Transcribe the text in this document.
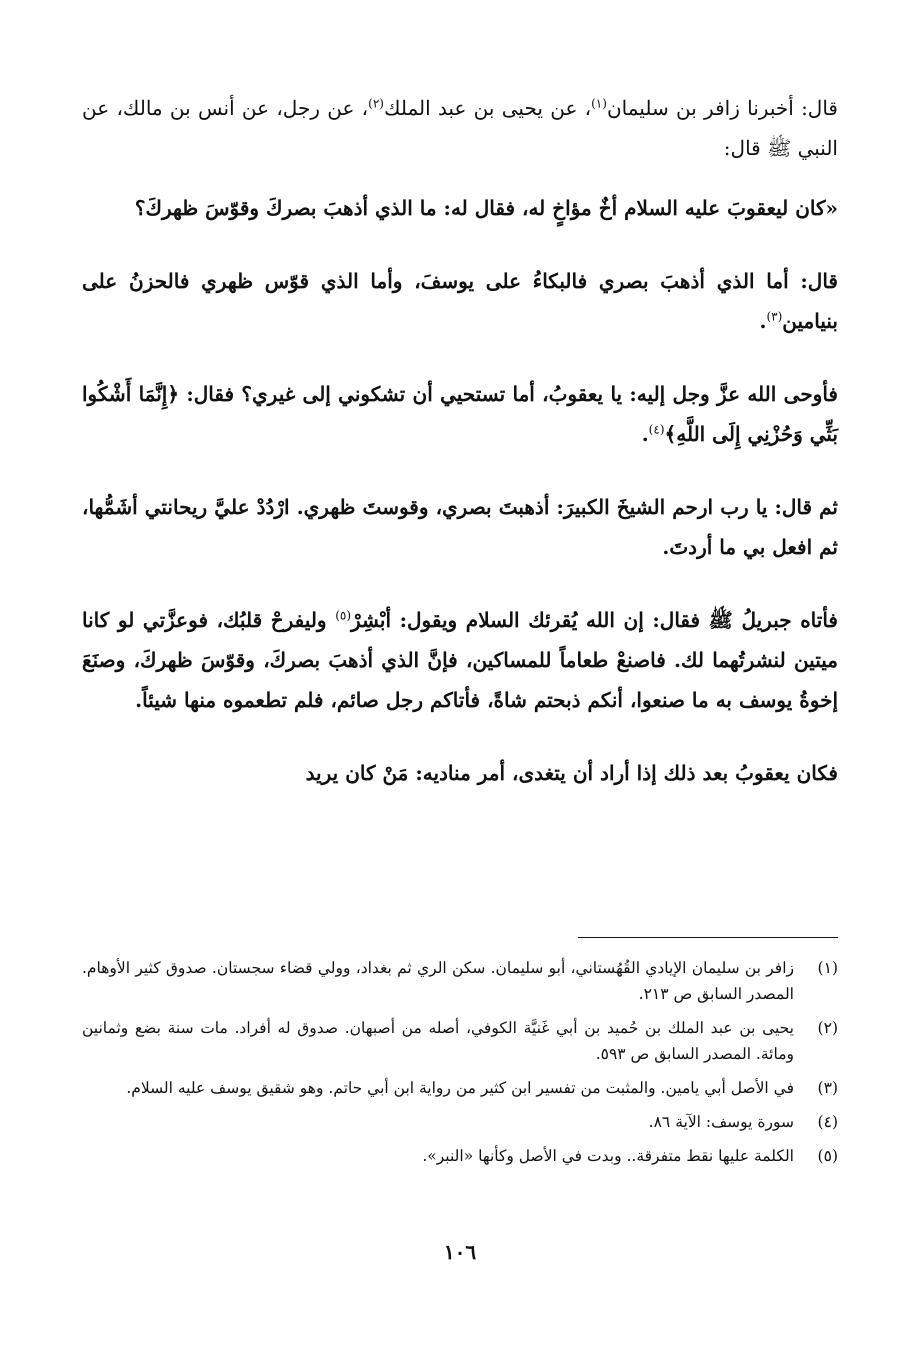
قال: أخبرنا زافر بن سليمان$^{(١)}$، عن يحيى بن عبد الملك$^{(٢)}$، عن رجل، عن أنس بن مالك، عن النبي ﷺ قال:

«كان ليعقوبَ عليه السلام أخٌ مؤاخٍ له، فقال له: ما الذي أذهبَ بصركَ وقوّسَ ظهركَ؟

قال: أما الذي أذهبَ بصري فالبكاءُ على يوسفَ، وأما الذي قوّس ظهري فالحزنُ على بنيامين$^{(٣)}$.

فأوحى الله عزَّ وجل إليه: يا يعقوبُ، أما تستحيي أن تشكوني إلى غيري؟ فقال: ﴿إِنَّمَا أَشْكُوا بَثِّي وَحُزْنِي إِلَى اللَّهِ﴾$^{(٤)}$.

ثم قال: يا رب ارحم الشيخَ الكبيرَ: أذهبتَ بصري، وقوستَ ظهري. ارْدُدْ عليَّ ريحانتي أشَمُّها، ثم افعل بي ما أردتَ.

فأتاه جبريلُ ﷺ فقال: إن الله يُقرئك السلام ويقول: أبْشِرْ$^{(٥)}$ وليفرحْ قلبُك، فوعزَّتي لو كانا ميتين لنشرتُهما لك. فاصنعْ طعاماً للمساكين، فإنَّ الذي أذهبَ بصركَ، وقوّسَ ظهركَ، وصنَعَ إخوةُ يوسف به ما صنعوا، أنكم ذبحتم شاةً، فأتاكم رجل صائم، فلم تطعموه منها شيئاً.

فكان يعقوبُ بعد ذلك إذا أراد أن يتغدى، أمر مناديه: مَنْ كان يريد

(١)
زافر بن سليمان الإيادي القُهُستاني، أبو سليمان. سكن الري ثم بغداد، وولي قضاء سجستان. صدوق كثير الأوهام. المصدر السابق ص ٢١٣.
(٢)
يحيى بن عبد الملك بن حُميد بن أبي غَنيَّة الكوفي، أصله من أصبهان. صدوق له أفراد. مات سنة بضع وثمانين ومائة. المصدر السابق ص ٥٩٣.
(٣)
في الأصل أبي يامين. والمثبت من تفسير ابن كثير من رواية ابن أبي حاتم. وهو شقيق يوسف عليه السلام.
(٤)
سورة يوسف: الآية ٨٦.
(٥)
الكلمة عليها نقط متفرقة.. وبدت في الأصل وكأنها «النبر».
١٠٦
